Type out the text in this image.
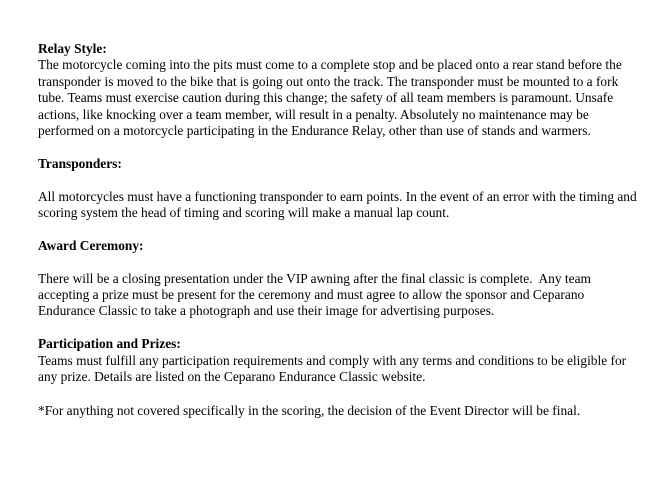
Relay Style:

The motorcycle coming into the pits must come to a complete stop and be placed onto a rear stand before the transponder is moved to the bike that is going out onto the track. The transponder must be mounted to a fork tube. Teams must exercise caution during this change; the safety of all team members is paramount. Unsafe actions, like knocking over a team member, will result in a penalty. Absolutely no maintenance may be performed on a motorcycle participating in the Endurance Relay, other than use of stands and warmers.

Transponders:

All motorcycles must have a functioning transponder to earn points. In the event of an error with the timing and scoring system the head of timing and scoring will make a manual lap count.

Award Ceremony:

There will be a closing presentation under the VIP awning after the final classic is complete.  Any team accepting a prize must be present for the ceremony and must agree to allow the sponsor and Ceparano Endurance Classic to take a photograph and use their image for advertising purposes.

Participation and Prizes:

Teams must fulfill any participation requirements and comply with any terms and conditions to be eligible for any prize. Details are listed on the Ceparano Endurance Classic website.

*For anything not covered specifically in the scoring, the decision of the Event Director will be final.
